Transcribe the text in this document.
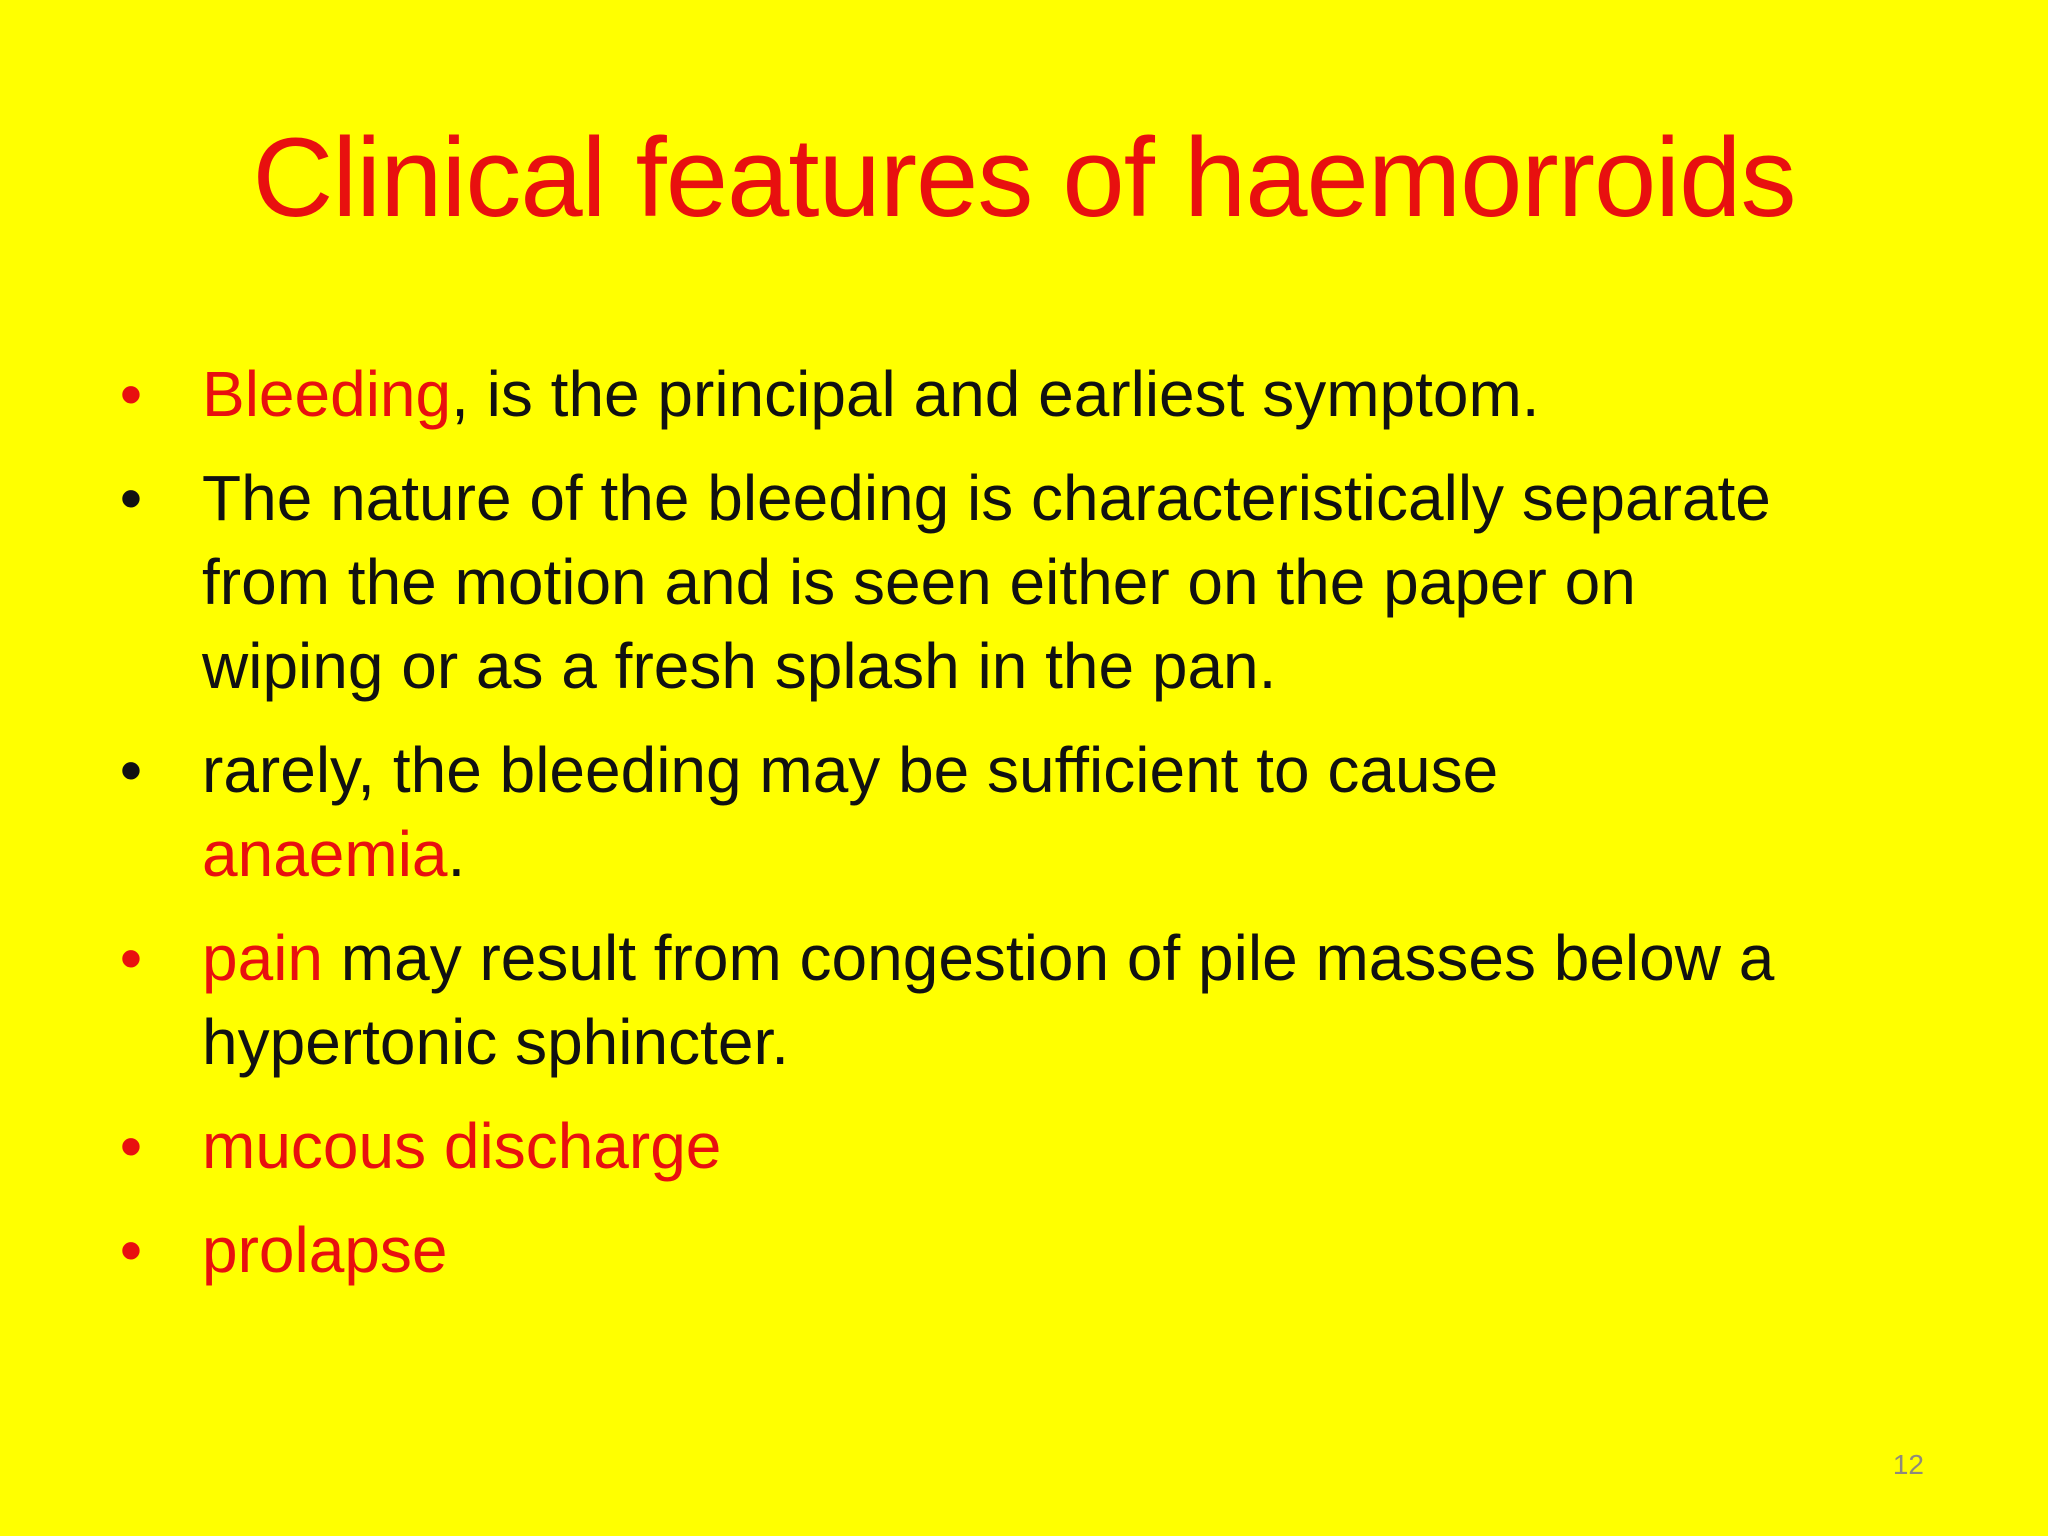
Clinical features of haemorroids
• Bleeding, is the principal and earliest symptom.
• The nature of the bleeding is characteristically separate
from the motion and is seen either on the paper on
wiping or as a fresh splash in the pan.
• rarely, the bleeding may be sufficient to cause
anaemia.
• pain may result from congestion of pile masses below a
hypertonic sphincter.
• mucous discharge
• prolapse
12
